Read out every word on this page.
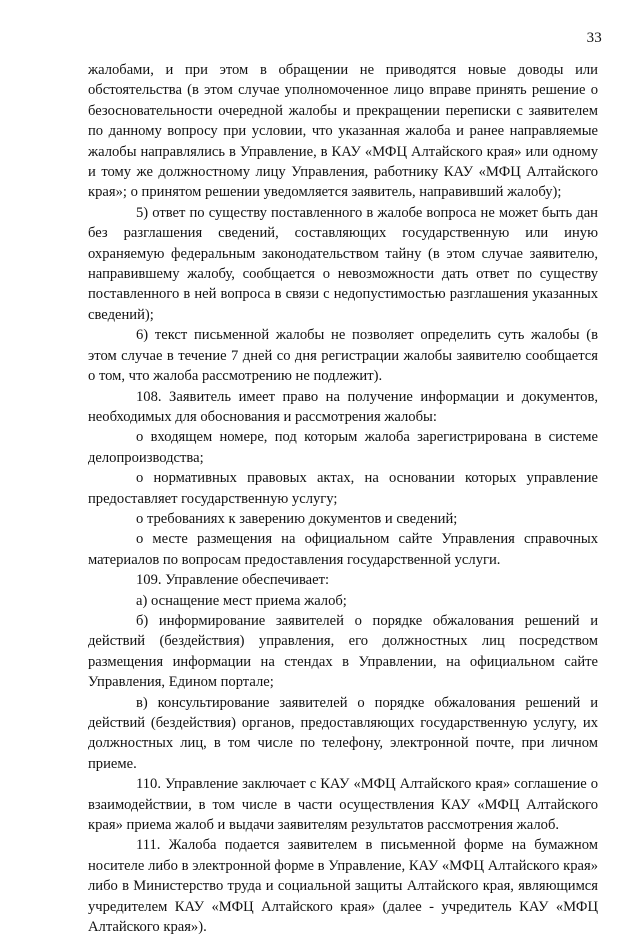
33

жалобами, и при этом в обращении не приводятся новые доводы или обстоятельства (в этом случае уполномоченное лицо вправе принять решение о безосновательности очередной жалобы и прекращении переписки с заявителем по данному вопросу при условии, что указанная жалоба и ранее направляемые жалобы направлялись в Управление, в КАУ «МФЦ Алтайского края» или одному и тому же должностному лицу Управления, работнику КАУ «МФЦ Алтайского края»; о принятом решении уведомляется заявитель, направивший жалобу);

5) ответ по существу поставленного в жалобе вопроса не может быть дан без разглашения сведений, составляющих государственную или иную охраняемую федеральным законодательством тайну (в этом случае заявителю, направившему жалобу, сообщается о невозможности дать ответ по существу поставленного в ней вопроса в связи с недопустимостью разглашения указанных сведений);

6) текст письменной жалобы не позволяет определить суть жалобы (в этом случае в течение 7 дней со дня регистрации жалобы заявителю сообщается о том, что жалоба рассмотрению не подлежит).

108. Заявитель имеет право на получение информации и документов, необходимых для обоснования и рассмотрения жалобы:

о входящем номере, под которым жалоба зарегистрирована в системе делопроизводства;

о нормативных правовых актах, на основании которых управление предоставляет государственную услугу;

о требованиях к заверению документов и сведений;

о месте размещения на официальном сайте Управления справочных материалов по вопросам предоставления государственной услуги.

109. Управление обеспечивает:

а) оснащение мест приема жалоб;

б) информирование заявителей о порядке обжалования решений и действий (бездействия) управления, его должностных лиц посредством размещения информации на стендах в Управлении, на официальном сайте Управления, Едином портале;

в) консультирование заявителей о порядке обжалования решений и действий (бездействия) органов, предоставляющих государственную услугу, их должностных лиц, в том числе по телефону, электронной почте, при личном приеме.

110. Управление заключает с КАУ «МФЦ Алтайского края» соглашение о взаимодействии, в том числе в части осуществления КАУ «МФЦ Алтайского края» приема жалоб и выдачи заявителям результатов рассмотрения жалоб.

111. Жалоба подается заявителем в письменной форме на бумажном носителе либо в электронной форме в Управление, КАУ «МФЦ Алтайского края» либо в Министерство труда и социальной защиты Алтайского края, являющимся учредителем КАУ «МФЦ Алтайского края» (далее - учредитель КАУ «МФЦ Алтайского края»).
